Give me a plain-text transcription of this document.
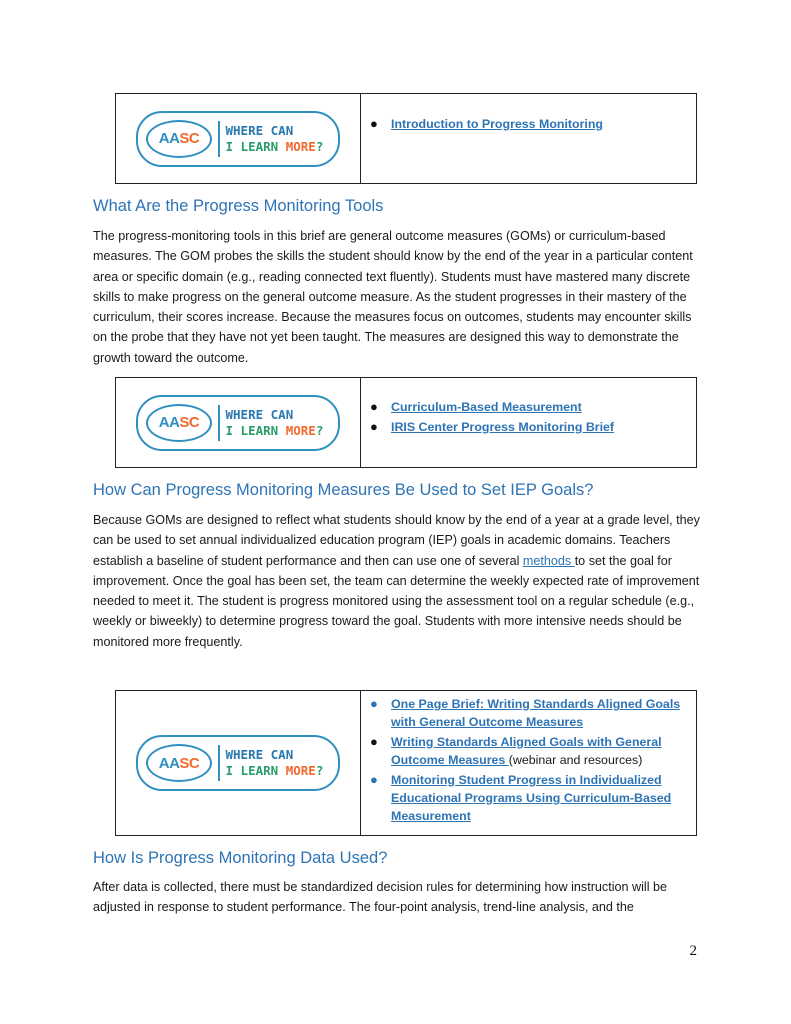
AA SC WHERE CAN
I LEARN MORE?
● Introduction to Progress Monitoring
What Are the Progress Monitoring Tools

The progress-monitoring tools in this brief are general outcome measures (GOMs) or curriculum-based measures. The GOM probes the skills the student should know by the end of the year in a particular content area or specific domain (e.g., reading connected text fluently). Students must have mastered many discrete skills to make progress on the general outcome measure. As the student progresses in their mastery of the curriculum, their scores increase. Because the measures focus on outcomes, students may encounter skills on the probe that they have not yet been taught. The measures are designed this way to demonstrate the growth toward the outcome.

AA SC WHERE CAN
I LEARN MORE?
● Curriculum-Based Measurement
● IRIS Center Progress Monitoring Brief
How Can Progress Monitoring Measures Be Used to Set IEP Goals?

Because GOMs are designed to reflect what students should know by the end of a year at a grade level, they can be used to set annual individualized education program (IEP) goals in academic domains. Teachers establish a baseline of student performance and then can use one of several methods to set the goal for improvement. Once the goal has been set, the team can determine the weekly expected rate of improvement needed to meet it. The student is progress monitored using the assessment tool on a regular schedule (e.g., weekly or biweekly) to determine progress toward the goal. Students with more intensive needs should be monitored more frequently.

AA SC WHERE CAN
I LEARN MORE?
● One Page Brief: Writing Standards Aligned Goals with General Outcome Measures
● Writing Standards Aligned Goals with General Outcome Measures (webinar and resources)
● Monitoring Student Progress in Individualized Educational Programs Using Curriculum-Based Measurement
How Is Progress Monitoring Data Used?

After data is collected, there must be standardized decision rules for determining how instruction will be adjusted in response to student performance. The four-point analysis, trend-line analysis, and the

2
